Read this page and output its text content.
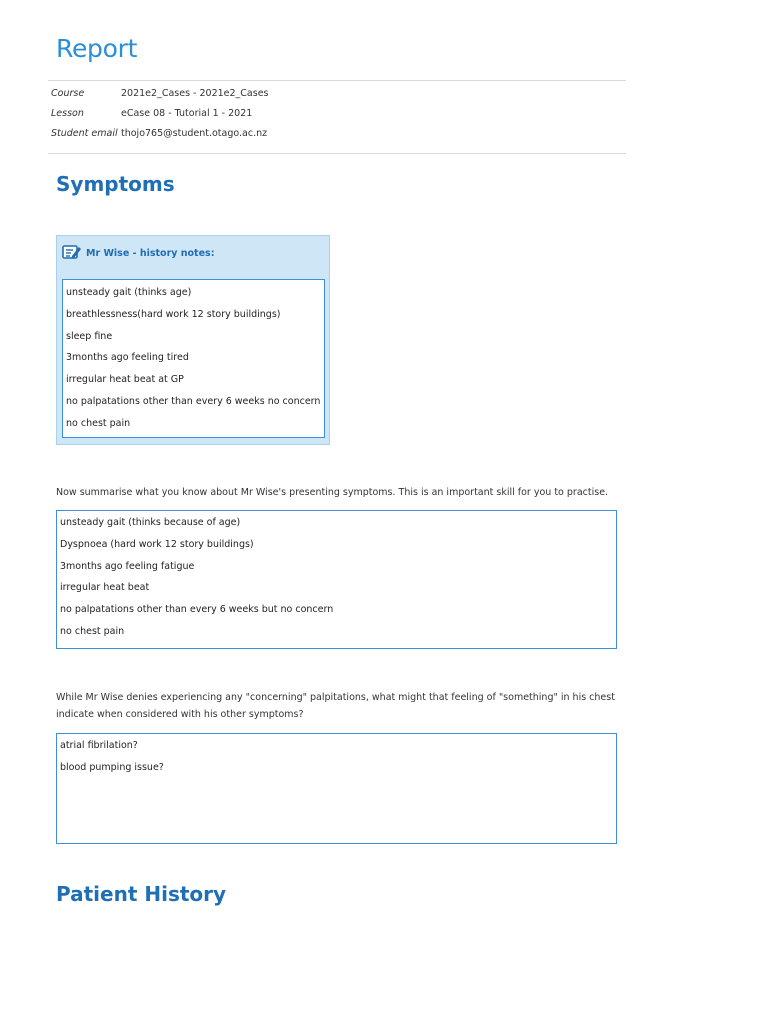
Report
Course	2021e2_Cases - 2021e2_Cases
Lesson	eCase 08 - Tutorial 1 - 2021
Student email thojo765@student.otago.ac.nz
Symptoms
Mr Wise - history notes:
unsteady gait (thinks age)
breathlessness(hard work 12 story buildings)
sleep fine
3months ago feeling tired
irregular heat beat at GP
no palpatations other than every 6 weeks no concern
no chest pain
Now summarise what you know about Mr Wise's presenting symptoms. This is an important skill for you to practise.
unsteady gait (thinks because of age)
Dyspnoea (hard work 12 story buildings)
3months ago feeling fatigue
irregular heat beat
no palpatations other than every 6 weeks but no concern
no chest pain
While Mr Wise denies experiencing any "concerning" palpitations, what might that feeling of "something" in his chest
indicate when considered with his other symptoms?
atrial fibrilation?
blood pumping issue?
Patient History
